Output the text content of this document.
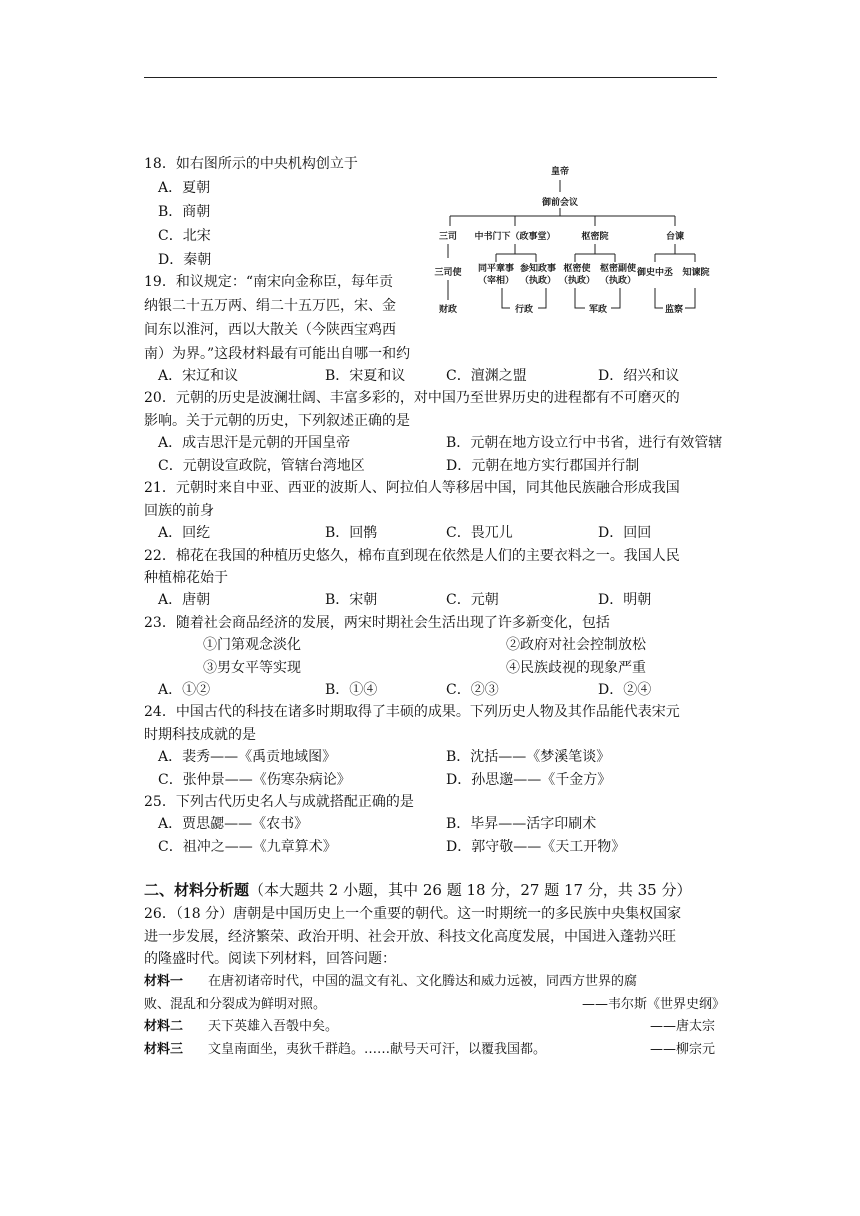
18．如右图所示的中央机构创立于
A．夏朝
B．商朝
C．北宋
D．秦朝
皇帝
御前会议
三司 中书门下（政事堂）	枢密院	台谏
三司使 同平章事
（宰相）
参知政事
（执政）
枢密使
（执政）
枢密副使
（执政）
御史中丞 知谏院
财政	行政	军政	监察
19．和议规定：“南宋向金称臣，每年贡
纳银二十五万两、绢二十五万匹，宋、金
间东以淮河，西以大散关（今陕西宝鸡西
南）为界。”这段材料最有可能出自哪一和约
A．宋辽和议	B．宋夏和议	C．澶渊之盟	D．绍兴和议
20．元朝的历史是波澜壮阔、丰富多彩的，对中国乃至世界历史的进程都有不可磨灭的
影响。关于元朝的历史，下列叙述正确的是
A．成吉思汗是元朝的开国皇帝	B．元朝在地方设立行中书省，进行有效管辖
C．元朝设宣政院，管辖台湾地区	D．元朝在地方实行郡国并行制
21．元朝时来自中亚、西亚的波斯人、阿拉伯人等移居中国，同其他民族融合形成我国
回族的前身
A．回纥	B．回鹘	C．畏兀儿	D．回回
22．棉花在我国的种植历史悠久，棉布直到现在依然是人们的主要衣料之一。我国人民
种植棉花始于
A．唐朝	B．宋朝	C．元朝	D．明朝
23．随着社会商品经济的发展，两宋时期社会生活出现了许多新变化，包括
①门第观念淡化	②政府对社会控制放松
③男女平等实现	④民族歧视的现象严重
A．①②	B．①④	C．②③	D．②④
24．中国古代的科技在诸多时期取得了丰硕的成果。下列历史人物及其作品能代表宋元
时期科技成就的是
A．裴秀——《禹贡地域图》	B．沈括——《梦溪笔谈》
C．张仲景——《伤寒杂病论》	D．孙思邈——《千金方》
25．下列古代历史名人与成就搭配正确的是
A．贾思勰——《农书》	B．毕昇——活字印刷术
C．祖冲之——《九章算术》	D．郭守敬——《天工开物》
二、材料分析题（本大题共 2 小题，其中 26 题 18 分，27 题 17 分，共 35 分）
26．（18 分）唐朝是中国历史上一个重要的朝代。这一时期统一的多民族中央集权国家
进一步发展，经济繁荣、政治开明、社会开放、科技文化高度发展，中国进入蓬勃兴旺
的隆盛时代。阅读下列材料，回答问题：
材料一 在唐初诸帝时代，中国的温文有礼、文化腾达和威力远被，同西方世界的腐
败、混乱和分裂成为鲜明对照。	——韦尔斯《世界史纲》
材料二 天下英雄入吾彀中矣。	——唐太宗
材料三 文皇南面坐，夷狄千群趋。……献号天可汗，以覆我国都。	——柳宗元
